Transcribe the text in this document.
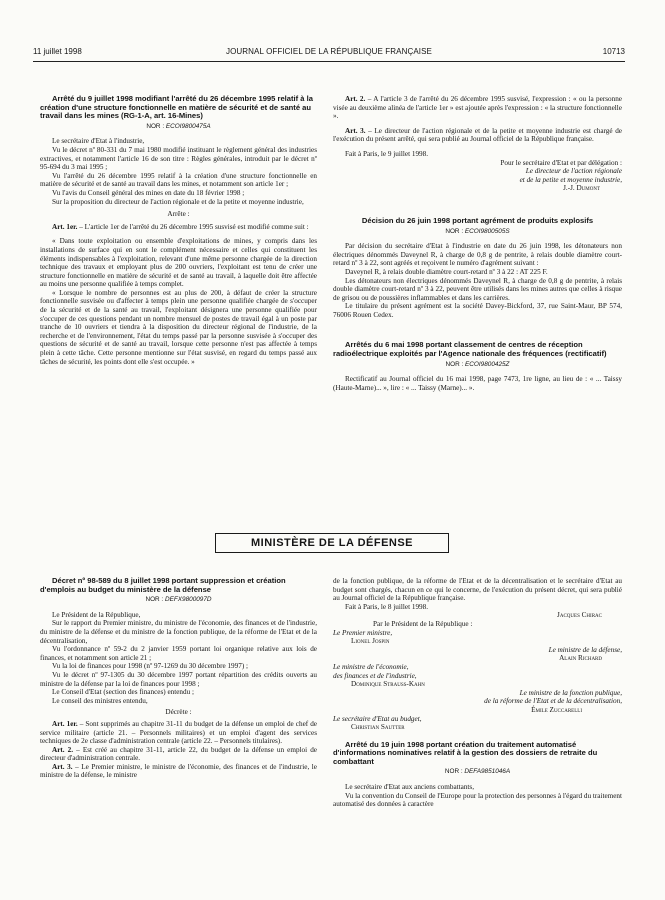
11 juillet 1998	JOURNAL OFFICIEL DE LA RÉPUBLIQUE FRANÇAISE	10713

Arrêté du 9 juillet 1998 modifiant l'arrêté du 26 décembre 1995 relatif à la création d'une structure fonctionnelle en matière de sécurité et de santé au travail dans les mines (RG-1-A, art. 16-Mines)

NOR : ECOI9800475A

Le secrétaire d'Etat à l'industrie,

Vu le décret nº 80-331 du 7 mai 1980 modifié instituant le règlement général des industries extractives, et notamment l'article 16 de son titre : Règles générales, introduit par le décret nº 95-694 du 3 mai 1995 ;

Vu l'arrêté du 26 décembre 1995 relatif à la création d'une structure fonctionnelle en matière de sécurité et de santé au travail dans les mines, et notamment son article 1er ;

Vu l'avis du Conseil général des mines en date du 18 février 1998 ;

Sur la proposition du directeur de l'action régionale et de la petite et moyenne industrie,

Arrête :

Art. 1er. – L'article 1er de l'arrêté du 26 décembre 1995 susvisé est modifié comme suit :

« Dans toute exploitation ou ensemble d'exploitations de mines, y compris dans les installations de surface qui en sont le complément nécessaire et celles qui constituent les éléments indispensables à l'exploitation, relevant d'une même personne chargée de la direction technique des travaux et employant plus de 200 ouvriers, l'exploitant est tenu de créer une structure fonctionnelle en matière de sécurité et de santé au travail, à laquelle doit être affectée au moins une personne qualifiée à temps complet.

« Lorsque le nombre de personnes est au plus de 200, à défaut de créer la structure fonctionnelle susvisée ou d'affecter à temps plein une personne qualifiée chargée de s'occuper de la sécurité et de la santé au travail, l'exploitant désignera une personne qualifiée pour s'occuper de ces questions pendant un nombre mensuel de postes de travail égal à un poste par tranche de 10 ouvriers et tiendra à la disposition du directeur régional de l'industrie, de la recherche et de l'environnement, l'état du temps passé par la personne susvisée à s'occuper des questions de sécurité et de santé au travail, lorsque cette personne n'est pas affectée à temps plein à cette tâche. Cette personne mentionne sur l'état susvisé, en regard du temps passé aux tâches de sécurité, les points dont elle s'est occupée. »

Art. 2. – A l'article 3 de l'arrêté du 26 décembre 1995 susvisé, l'expression : « ou la personne visée au deuxième alinéa de l'article 1er » est ajoutée après l'expression : « la structure fonctionnelle ».

Art. 3. – Le directeur de l'action régionale et de la petite et moyenne industrie est chargé de l'exécution du présent arrêté, qui sera publié au Journal officiel de la République française.

Fait à Paris, le 9 juillet 1998.

Pour le secrétaire d'Etat et par délégation :

Le directeur de l'action régionale

et de la petite et moyenne industrie,

J.-J. Dumont

Décision du 26 juin 1998 portant agrément de produits explosifs

NOR : ECOI9800505S

Par décision du secrétaire d'Etat à l'industrie en date du 26 juin 1998, les détonateurs non électriques dénommés Daveynel R, à charge de 0,8 g de pentrite, à relais double diamètre court-retard nº 3 à 22, sont agréés et reçoivent le numéro d'agrément suivant :

Daveynel R, à relais double diamètre court-retard nº 3 à 22 : AT 225 F.

Les détonateurs non électriques dénommés Daveynel R, à charge de 0,8 g de pentrite, à relais double diamètre court-retard nº 3 à 22, peuvent être utilisés dans les mines autres que celles à risque de grisou ou de poussières inflammables et dans les carrières.

Le titulaire du présent agrément est la société Davey-Bickford, 37, rue Saint-Maur, BP 574, 76006 Rouen Cedex.

Arrêtés du 6 mai 1998 portant classement de centres de réception radioélectrique exploités par l'Agence nationale des fréquences (rectificatif)

NOR : ECOI9800425Z

Rectificatif au Journal officiel du 16 mai 1998, page 7473, 1re ligne, au lieu de : « ... Taissy (Haute-Marne)... », lire : « ... Taissy (Marne)... ».

MINISTÈRE DE LA DÉFENSE

Décret nº 98-589 du 8 juillet 1998 portant suppression et création d'emplois au budget du ministère de la défense

NOR : DEFX9800097D

Le Président de la République,

Sur le rapport du Premier ministre, du ministre de l'économie, des finances et de l'industrie, du ministre de la défense et du ministre de la fonction publique, de la réforme de l'Etat et de la décentralisation,

Vu l'ordonnance nº 59-2 du 2 janvier 1959 portant loi organique relative aux lois de finances, et notamment son article 21 ;

Vu la loi de finances pour 1998 (nº 97-1269 du 30 décembre 1997) ;

Vu le décret nº 97-1305 du 30 décembre 1997 portant répartition des crédits ouverts au ministre de la défense par la loi de finances pour 1998 ;

Le Conseil d'Etat (section des finances) entendu ;

Le conseil des ministres entendu,

Décrète :

Art. 1er. – Sont supprimés au chapitre 31-11 du budget de la défense un emploi de chef de service militaire (article 21. – Personnels militaires) et un emploi d'agent des services techniques de 2e classe d'administration centrale (article 22. – Personnels titulaires).

Art. 2. – Est créé au chapitre 31-11, article 22, du budget de la défense un emploi de directeur d'administration centrale.

Art. 3. – Le Premier ministre, le ministre de l'économie, des finances et de l'industrie, le ministre de la défense, le ministre

de la fonction publique, de la réforme de l'Etat et de la décentralisation et le secrétaire d'Etat au budget sont chargés, chacun en ce qui le concerne, de l'exécution du présent décret, qui sera publié au Journal officiel de la République française.

Fait à Paris, le 8 juillet 1998.

Jacques Chirac

Par le Président de la République :

Le Premier ministre,

Lionel Jospin

Le ministre de la défense,

Alain Richard

Le ministre de l'économie,

des finances et de l'industrie,

Dominique Strauss-Kahn

Le ministre de la fonction publique,

de la réforme de l'Etat et de la décentralisation,

Émile Zuccarelli

Le secrétaire d'Etat au budget,

Christian Sautter

Arrêté du 19 juin 1998 portant création du traitement automatisé d'informations nominatives relatif à la gestion des dossiers de retraite du combattant

NOR : DEFA9851046A

Le secrétaire d'Etat aux anciens combattants,

Vu la convention du Conseil de l'Europe pour la protection des personnes à l'égard du traitement automatisé des données à caractère
